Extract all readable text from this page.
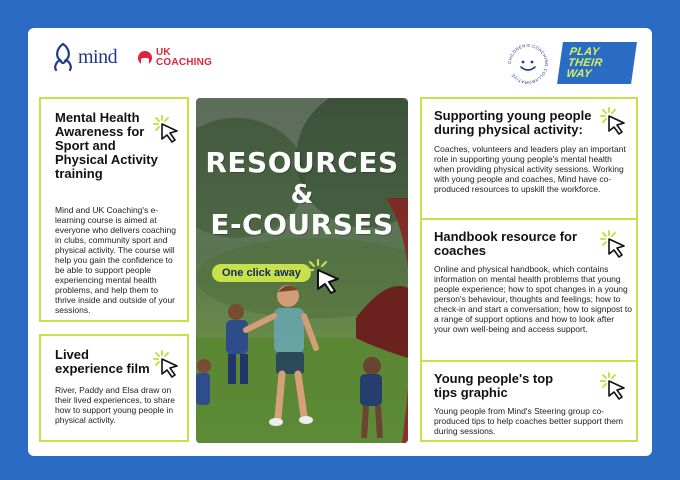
mind	UK
COACHING	CHILDREN'S COACHING COLLABORATIVE
PLAY
THEIR
WAY
Mental Health Awareness for Sport and Physical Activity training

Mind and UK Coaching's e-learning course is aimed at everyone who delivers coaching in clubs, community sport and physical activity. The course will help you gain the confidence to be able to support people experiencing mental health problems, and help them to thrive inside and outside of your sessions.

Lived experience film

River, Paddy and Elsa draw on their lived experiences, to share how to support young people in physical activity.

RESOURCES
&
E-COURSES
One click away
Supporting young people during physical activity:

Coaches, volunteers and leaders play an important role in supporting young people's mental health when providing physical activity sessions. Working with young people and coaches, Mind have co-produced resources to upskill the workforce.

Handbook resource for coaches

Online and physical handbook, which contains information on mental health problems that young people experience; how to spot changes in a young person's behaviour, thoughts and feelings; how to check-in and start a conversation; how to signpost to a range of support options and how to look after your own well-being and access support.

Young people's top tips graphic

Young people from Mind's Steering group co-produced tips to help coaches better support them during sessions.
